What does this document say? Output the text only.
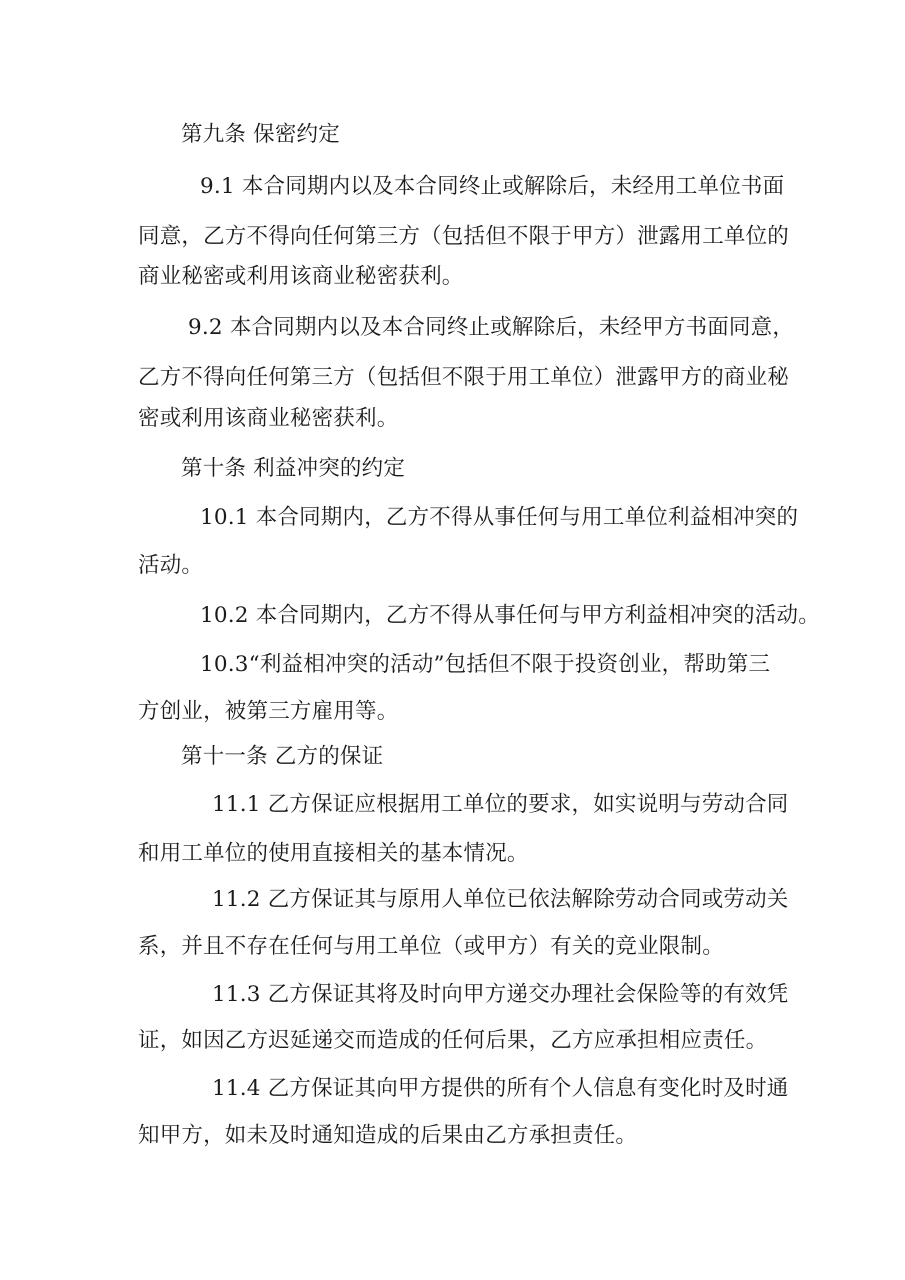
第九条 保密约定
9.1 本合同期内以及本合同终止或解除后，未经用工单位书面
同意，乙方不得向任何第三方（包括但不限于甲方）泄露用工单位的
商业秘密或利用该商业秘密获利。
9.2 本合同期内以及本合同终止或解除后，未经甲方书面同意，
乙方不得向任何第三方（包括但不限于用工单位）泄露甲方的商业秘
密或利用该商业秘密获利。
第十条 利益冲突的约定
10.1 本合同期内，乙方不得从事任何与用工单位利益相冲突的
活动。
10.2 本合同期内，乙方不得从事任何与甲方利益相冲突的活动。
10.3“利益相冲突的活动”包括但不限于投资创业，帮助第三
方创业，被第三方雇用等。
第十一条 乙方的保证
11.1 乙方保证应根据用工单位的要求，如实说明与劳动合同
和用工单位的使用直接相关的基本情况。
11.2 乙方保证其与原用人单位已依法解除劳动合同或劳动关
系，并且不存在任何与用工单位（或甲方）有关的竞业限制。
11.3 乙方保证其将及时向甲方递交办理社会保险等的有效凭
证，如因乙方迟延递交而造成的任何后果，乙方应承担相应责任。
11.4 乙方保证其向甲方提供的所有个人信息有变化时及时通
知甲方，如未及时通知造成的后果由乙方承担责任。
